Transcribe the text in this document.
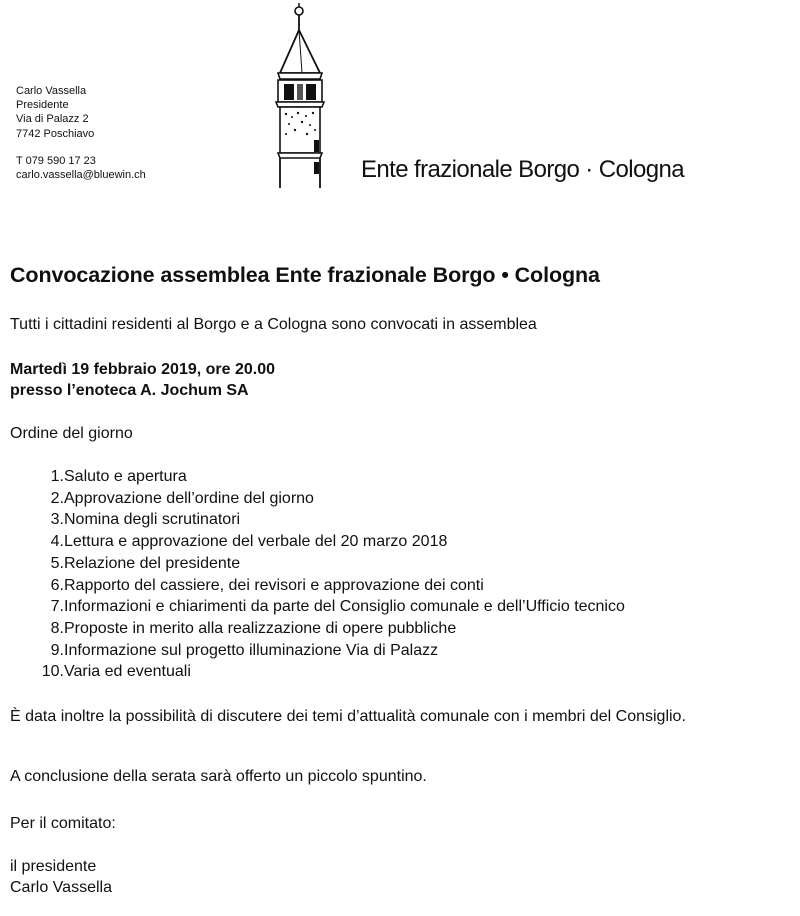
Carlo Vassella
Presidente
Via di Palazz 2
7742 Poschiavo
T 079 590 17 23
carlo.vassella@bluewin.ch	Ente frazionale Borgo · Cologna
Convocazione assemblea Ente frazionale Borgo • Cologna
Tutti i cittadini residenti al Borgo e a Cologna sono convocati in assemblea
Martedì 19 febbraio 2019, ore 20.00
presso l’enoteca A. Jochum SA
Ordine del giorno
1. Saluto e apertura
2. Approvazione dell’ordine del giorno
3. Nomina degli scrutinatori
4. Lettura e approvazione del verbale del 20 marzo 2018
5. Relazione del presidente
6. Rapporto del cassiere, dei revisori e approvazione dei conti
7. Informazioni e chiarimenti da parte del Consiglio comunale e dell’Ufficio tecnico
8. Proposte in merito alla realizzazione di opere pubbliche
9. Informazione sul progetto illuminazione Via di Palazz
10. Varia ed eventuali
È data inoltre la possibilità di discutere dei temi d’attualità comunale con i membri del Consiglio.
A conclusione della serata sarà offerto un piccolo spuntino.
Per il comitato:
il presidente
Carlo Vassella
